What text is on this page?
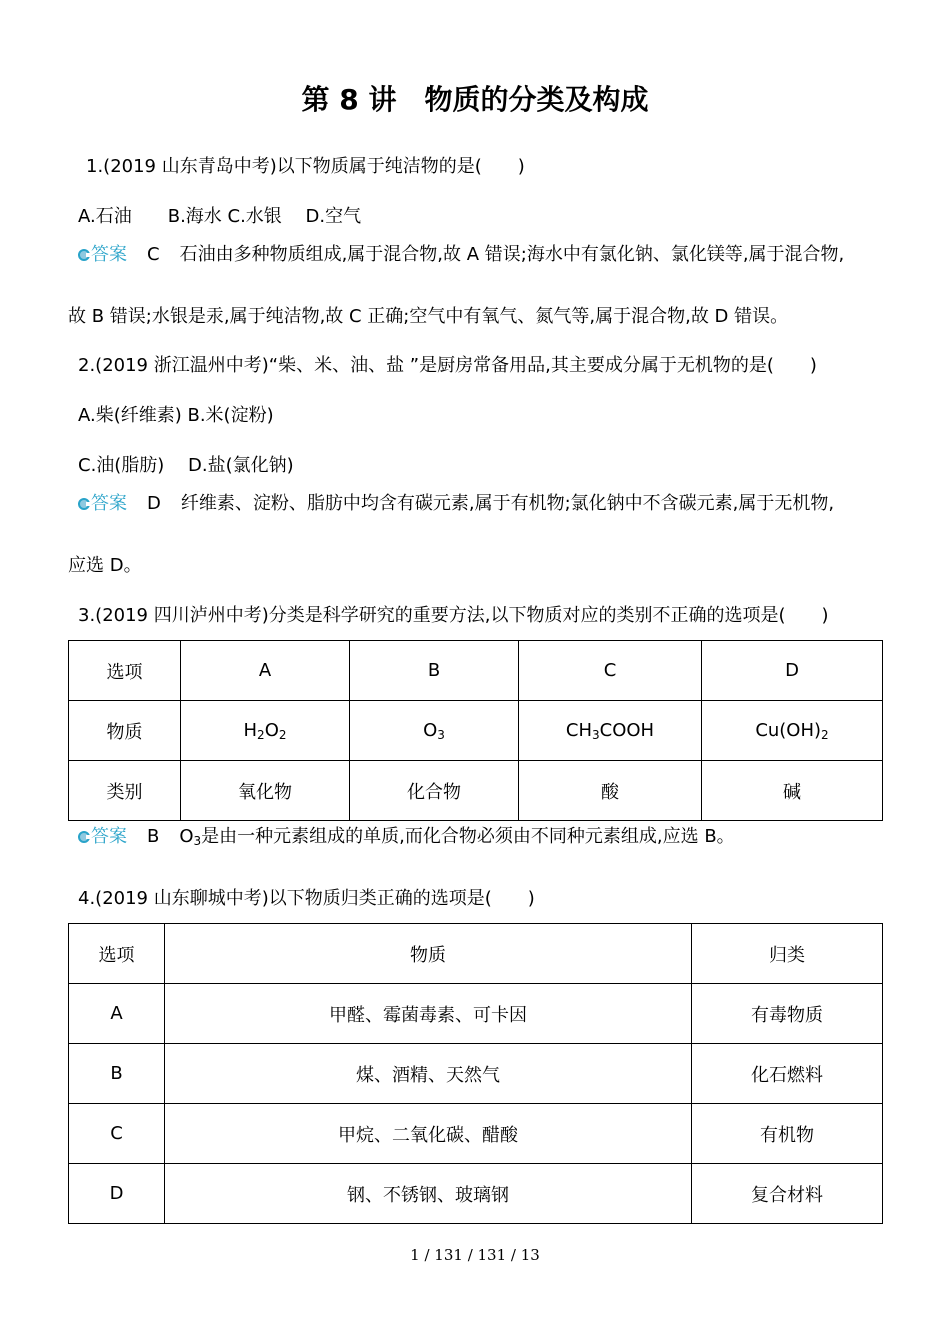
第 8 讲　物质的分类及构成
1.(2019 山东青岛中考)以下物质属于纯洁物的是(　　)
A.石油　　B.海水 C.水银　 D.空气
答案 C 石油由多种物质组成,属于混合物,故 A 错误;海水中有氯化钠、氯化镁等,属于混合物,
故 B 错误;水银是汞,属于纯洁物,故 C 正确;空气中有氧气、氮气等,属于混合物,故 D 错误。
2.(2019 浙江温州中考)“柴、米、油、盐 ”是厨房常备用品,其主要成分属于无机物的是(　　)
A.柴(纤维素) B.米(淀粉)
C.油(脂肪)　 D.盐(氯化钠)
答案 D 纤维素、淀粉、脂肪中均含有碳元素,属于有机物;氯化钠中不含碳元素,属于无机物,
应选 D。
3.(2019 四川泸州中考)分类是科学研究的重要方法,以下物质对应的类别不正确的选项是(　　)
选项	A	B	C	D
物质	$H_2O_2$	$O_3$	$CH_3COOH$	$Cu(OH)_2$
类别	氧化物	化合物	酸	碱
答案 B $O_3$是由一种元素组成的单质,而化合物必须由不同种元素组成,应选 B。
4.(2019 山东聊城中考)以下物质归类正确的选项是(　　)
选项	物质	归类
A	甲醛、霉菌毒素、可卡因	有毒物质
B	煤、酒精、天然气	化石燃料
C	甲烷、二氧化碳、醋酸	有机物
D	钢、不锈钢、玻璃钢	复合材料
1 / 131 / 131 / 13
